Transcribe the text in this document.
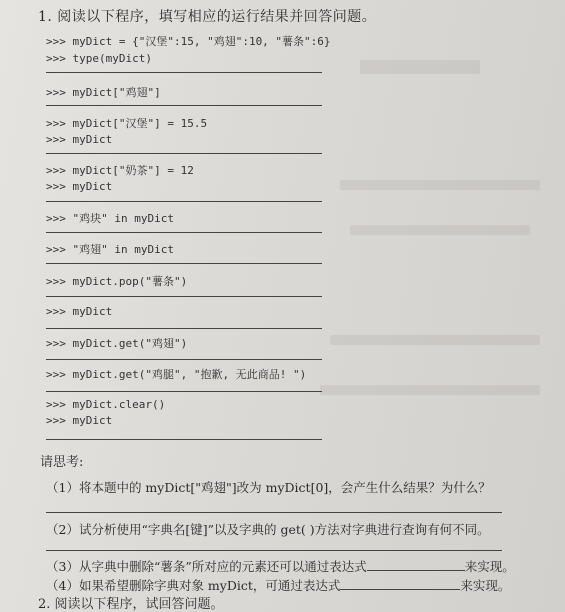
1. 阅读以下程序，填写相应的运行结果并回答问题。
>>> myDict = {"汉堡":15, "鸡翅":10, "薯条":6}
>>> type(myDict)
>>> myDict["鸡翅"]
>>> myDict["汉堡"] = 15.5
>>> myDict
>>> myDict["奶茶"] = 12
>>> myDict
>>> "鸡块" in myDict
>>> "鸡翅" in myDict
>>> myDict.pop("薯条")
>>> myDict
>>> myDict.get("鸡翅")
>>> myDict.get("鸡腿", "抱歉, 无此商品! ")
>>> myDict.clear()
>>> myDict
请思考:
（1）将本题中的 myDict["鸡翅"]改为 myDict[0]，会产生什么结果？为什么？
（2）试分析使用“字典名[键]”以及字典的 get( )方法对字典进行查询有何不同。
（3）从字典中删除“薯条”所对应的元素还可以通过表达式	来实现。
（4）如果希望删除字典对象 myDict，可通过表达式	来实现。
2. 阅读以下程序，试回答问题。
